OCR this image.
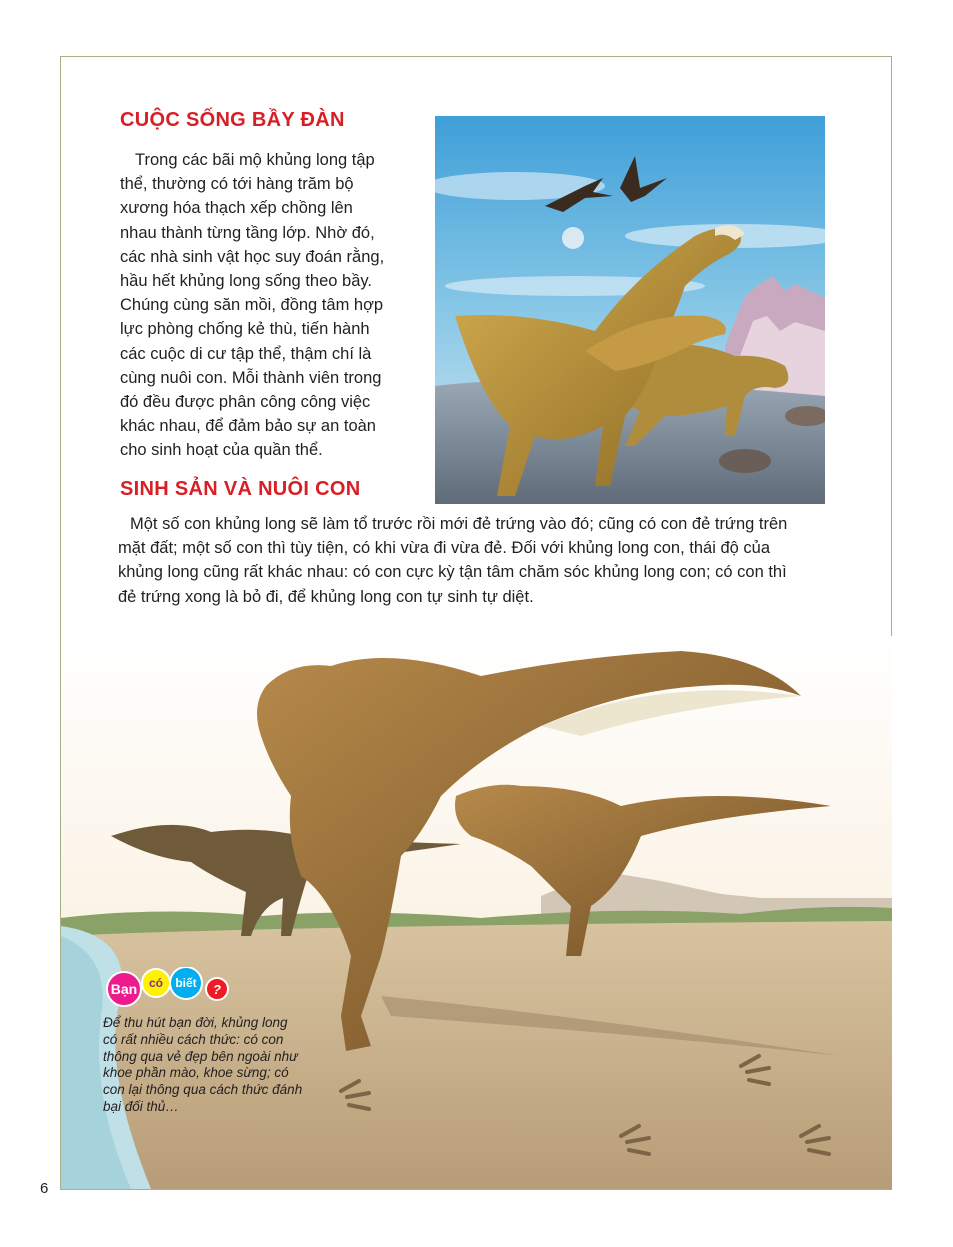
CUỘC SỐNG BẦY ĐÀN
Trong các bãi mộ khủng long tập
thể, thường có tới hàng trăm bộ
xương hóa thạch xếp chồng lên
nhau thành từng tầng lớp. Nhờ đó,
các nhà sinh vật học suy đoán rằng,
hầu hết khủng long sống theo bầy.
Chúng cùng săn mồi, đồng tâm hợp
lực phòng chống kẻ thù, tiến hành
các cuộc di cư tập thể, thậm chí là
cùng nuôi con. Mỗi thành viên trong
đó đều được phân công công việc
khác nhau, để đảm bảo sự an toàn
cho sinh hoạt của quần thể.
SINH SẢN VÀ NUÔI CON
Một số con khủng long sẽ làm tổ trước rồi mới đẻ trứng vào đó; cũng có con đẻ trứng trên
mặt đất; một số con thì tùy tiện, có khi vừa đi vừa đẻ. Đối với khủng long con, thái độ của
khủng long cũng rất khác nhau: có con cực kỳ tận tâm chăm sóc khủng long con; có con thì
đẻ trứng xong là bỏ đi, để khủng long con tự sinh tự diệt.
Bạn có biết ?
Để thu hút bạn đời, khủng long
có rất nhiều cách thức: có con
thông qua vẻ đẹp bên ngoài như
khoe phần mào, khoe sừng; có
con lại thông qua cách thức đánh
bại đối thủ…
6
